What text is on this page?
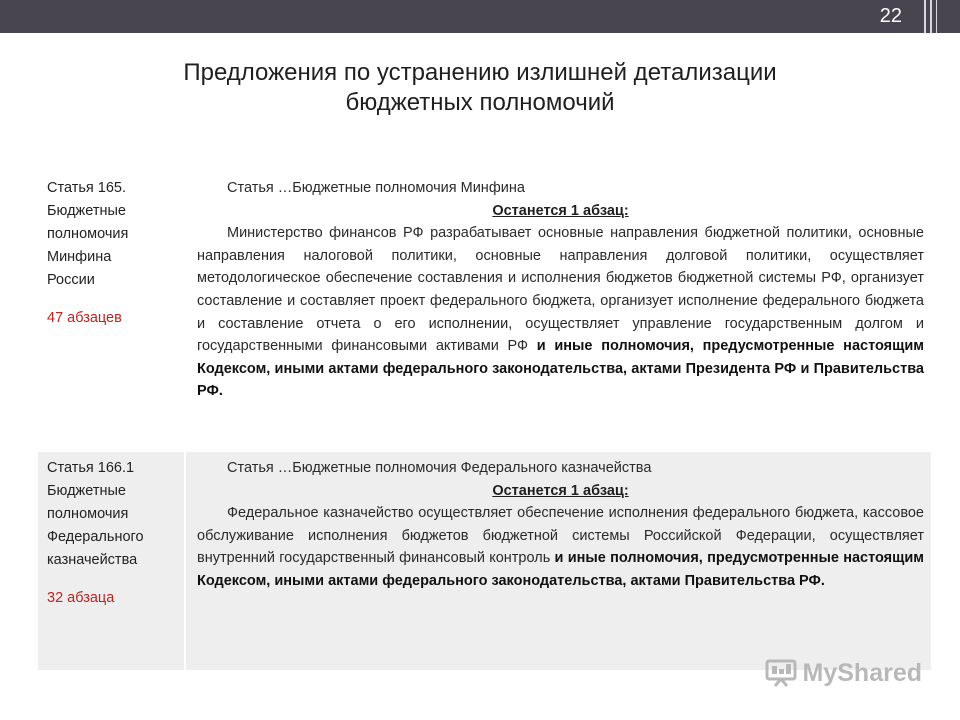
22
Предложения по устранению излишней детализации
бюджетных полномочий
Статья 165.
Бюджетные
полномочия
Минфина
России
47 абзацев
Статья …Бюджетные полномочия Минфина
Останется 1 абзац:

Министерство финансов РФ разрабатывает основные направления бюджетной политики, основные направления налоговой политики, основные направления долговой политики, осуществляет методологическое обеспечение составления и исполнения бюджетов бюджетной системы РФ, организует составление и составляет проект федерального бюджета, организует исполнение федерального бюджета и составление отчета о его исполнении, осуществляет управление государственным долгом и государственными финансовыми активами РФ и иные полномочия, предусмотренные настоящим Кодексом, иными актами федерального законодательства, актами Президента РФ и Правительства РФ.

Статья 166.1
Бюджетные
полномочия
Федерального
казначейства
32 абзаца
Статья …Бюджетные полномочия Федерального казначейства
Останется 1 абзац:

Федеральное казначейство осуществляет обеспечение исполнения федерального бюджета, кассовое обслуживание исполнения бюджетов бюджетной системы Российской Федерации, осуществляет внутренний государственный финансовый контроль и иные полномочия, предусмотренные настоящим Кодексом, иными актами федерального законодательства, актами Правительства РФ.

MyShared
